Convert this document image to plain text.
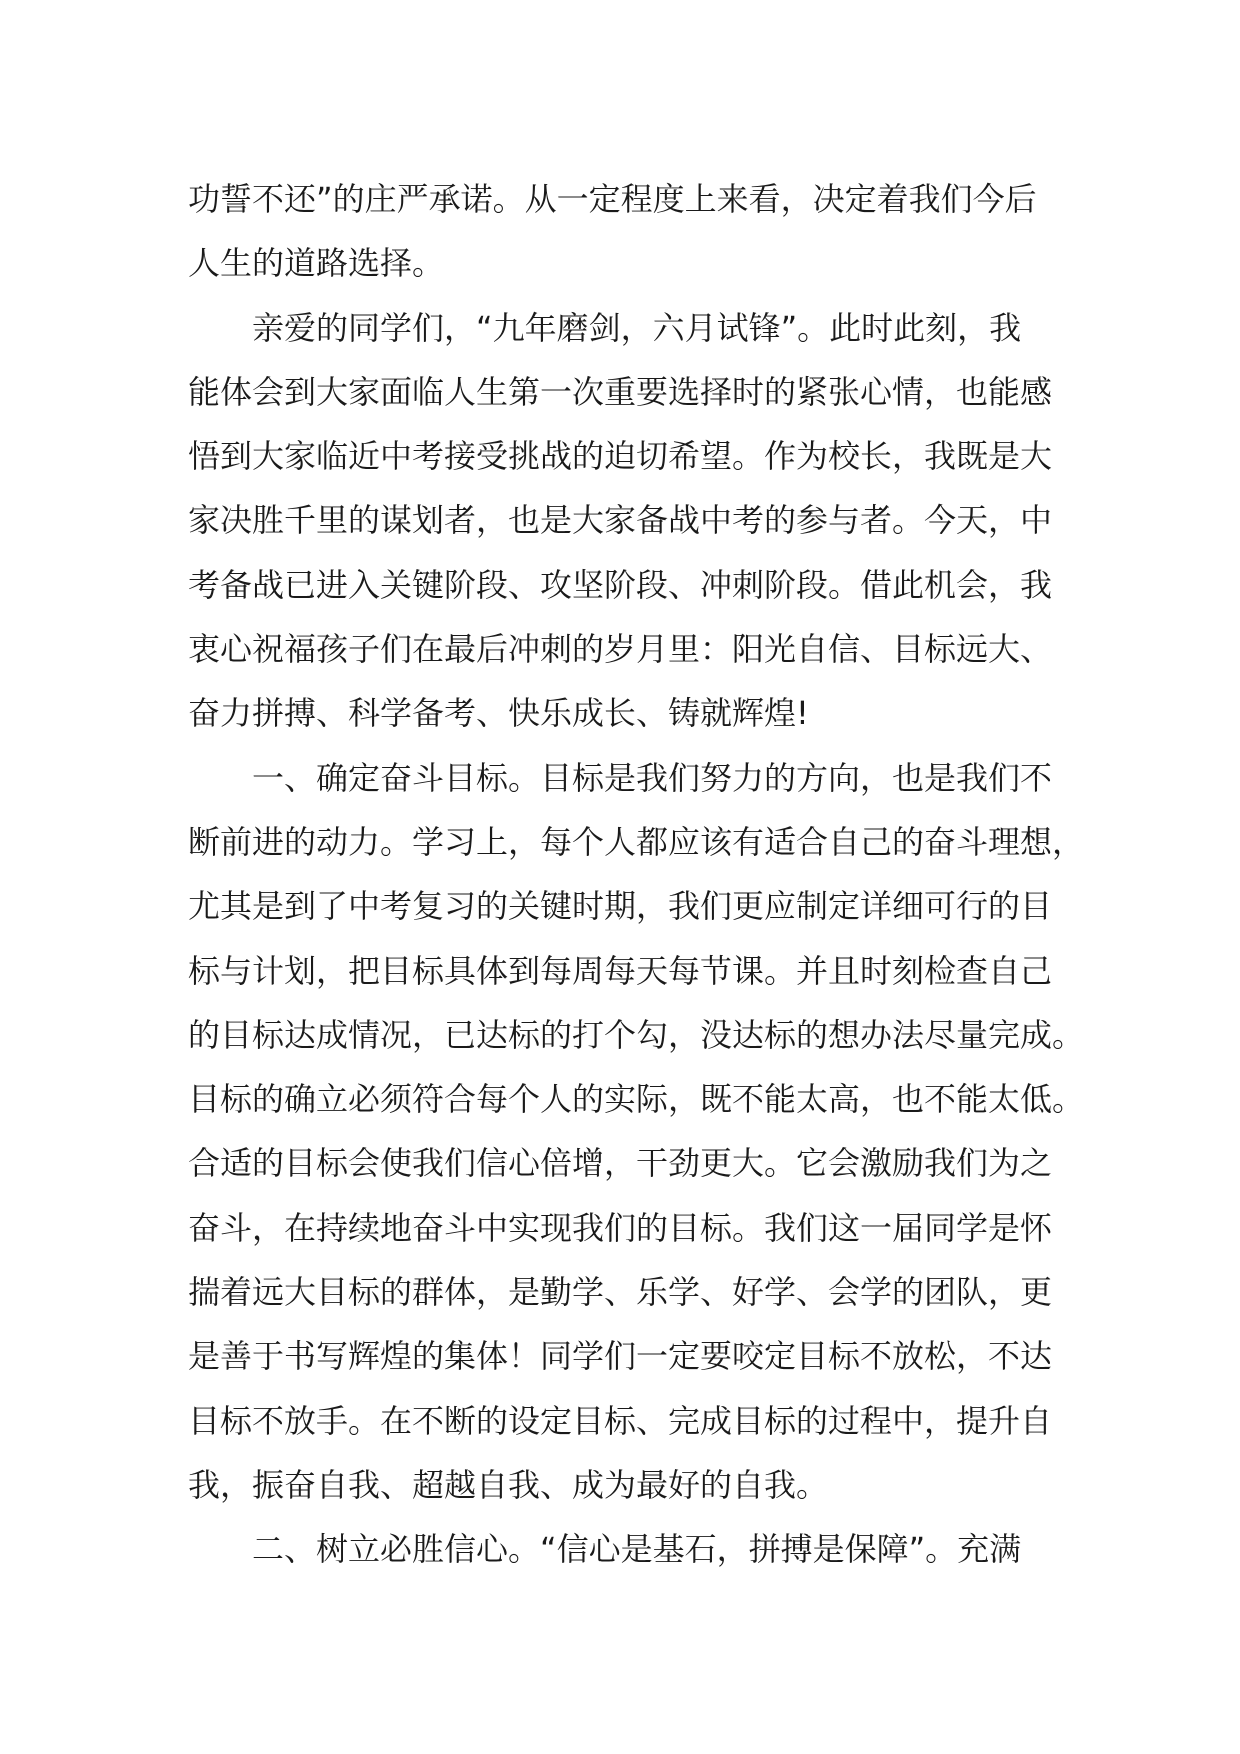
功誓不还”的庄严承诺。从一定程度上来看，决定着我们今后
人生的道路选择。
亲爱的同学们，“九年磨剑，六月试锋”。此时此刻，我
能体会到大家面临人生第一次重要选择时的紧张心情，也能感
悟到大家临近中考接受挑战的迫切希望。作为校长，我既是大
家决胜千里的谋划者，也是大家备战中考的参与者。今天，中
考备战已进入关键阶段、攻坚阶段、冲刺阶段。借此机会，我
衷心祝福孩子们在最后冲刺的岁月里：阳光自信、目标远大、
奋力拼搏、科学备考、快乐成长、铸就辉煌!
一、确定奋斗目标。目标是我们努力的方向，也是我们不
断前进的动力。学习上，每个人都应该有适合自己的奋斗理想，
尤其是到了中考复习的关键时期，我们更应制定详细可行的目
标与计划，把目标具体到每周每天每节课。并且时刻检查自己
的目标达成情况，已达标的打个勾，没达标的想办法尽量完成。
目标的确立必须符合每个人的实际，既不能太高，也不能太低。
合适的目标会使我们信心倍增，干劲更大。它会激励我们为之
奋斗，在持续地奋斗中实现我们的目标。我们这一届同学是怀
揣着远大目标的群体，是勤学、乐学、好学、会学的团队，更
是善于书写辉煌的集体！同学们一定要咬定目标不放松，不达
目标不放手。在不断的设定目标、完成目标的过程中，提升自
我，振奋自我、超越自我、成为最好的自我。
二、树立必胜信心。“信心是基石，拼搏是保障”。充满
